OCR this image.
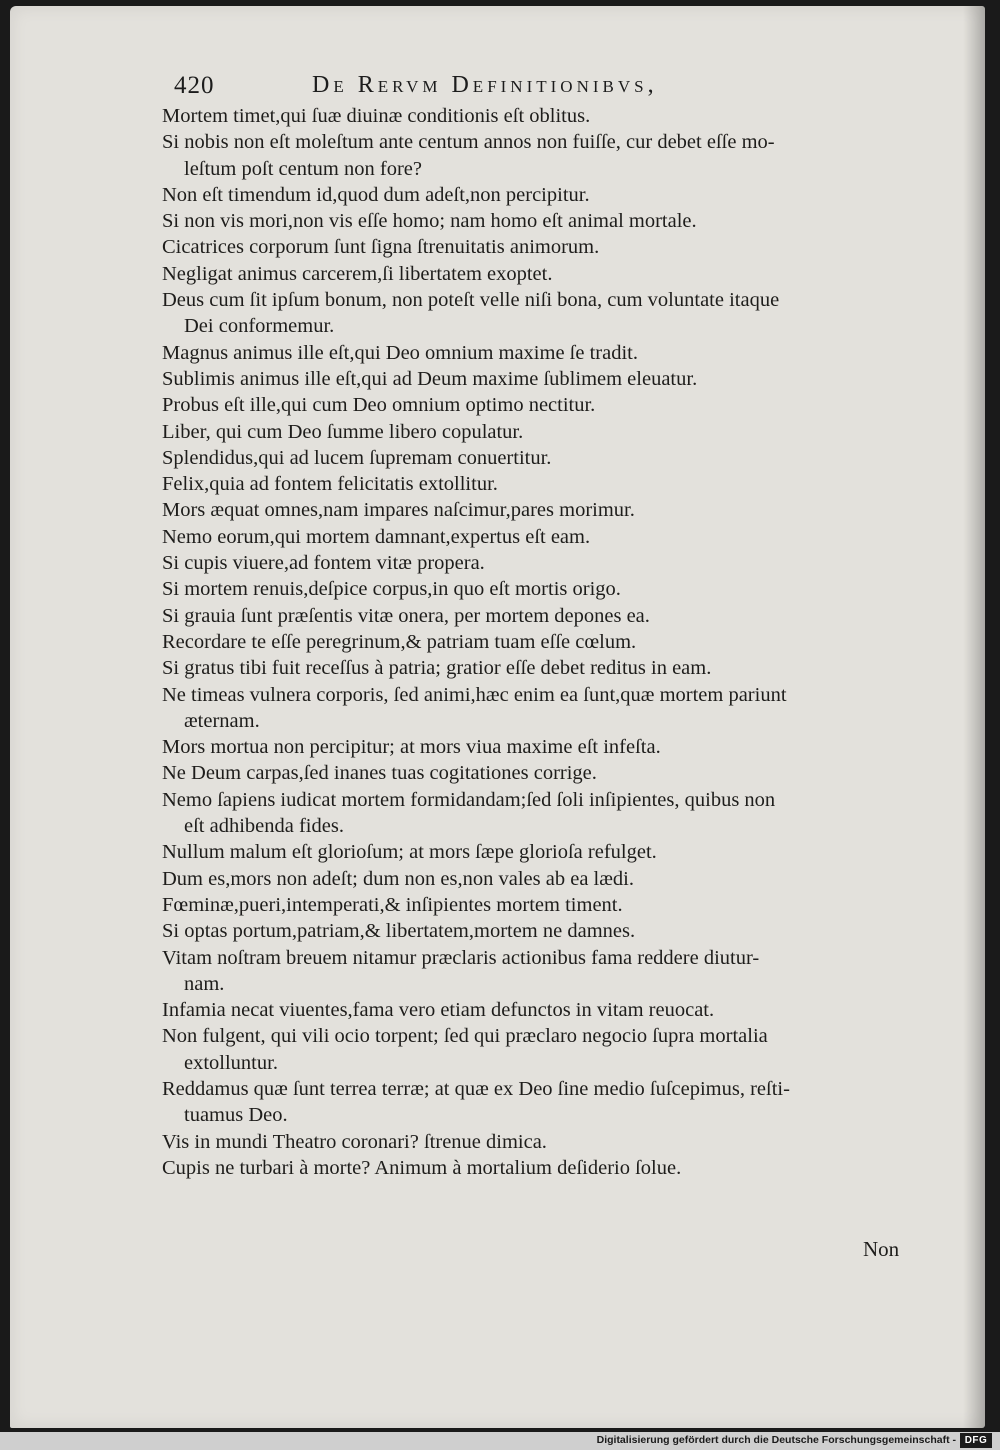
420	De Rervm Definitionibvs,

Mortem timet,qui ſuæ diuinæ conditionis eſt oblitus.

Si nobis non eſt moleſtum ante centum annos non fuiſſe, cur debet eſſe mo-
leſtum poſt centum non fore?

Non eſt timendum id,quod dum adeſt,non percipitur.

Si non vis mori,non vis eſſe homo; nam homo eſt animal mortale.

Cicatrices corporum ſunt ſigna ſtrenuitatis animorum.

Negligat animus carcerem,ſi libertatem exoptet.

Deus cum ſit ipſum bonum, non poteſt velle niſi bona, cum voluntate itaque
Dei conformemur.

Magnus animus ille eſt,qui Deo omnium maxime ſe tradit.

Sublimis animus ille eſt,qui ad Deum maxime ſublimem eleuatur.

Probus eſt ille,qui cum Deo omnium optimo nectitur.

Liber, qui cum Deo ſumme libero copulatur.

Splendidus,qui ad lucem ſupremam conuertitur.

Felix,quia ad fontem felicitatis extollitur.

Mors æquat omnes,nam impares naſcimur,pares morimur.

Nemo eorum,qui mortem damnant,expertus eſt eam.

Si cupis viuere,ad fontem vitæ propera.

Si mortem renuis,deſpice corpus,in quo eſt mortis origo.

Si grauia ſunt præſentis vitæ onera, per mortem depones ea.

Recordare te eſſe peregrinum,& patriam tuam eſſe cœlum.

Si gratus tibi fuit receſſus à patria; gratior eſſe debet reditus in eam.

Ne timeas vulnera corporis, ſed animi,hæc enim ea ſunt,quæ mortem pariunt
æternam.

Mors mortua non percipitur; at mors viua maxime eſt infeſta.

Ne Deum carpas,ſed inanes tuas cogitationes corrige.

Nemo ſapiens iudicat mortem formidandam;ſed ſoli inſipientes, quibus non
eſt adhibenda fides.

Nullum malum eſt glorioſum; at mors ſæpe glorioſa refulget.

Dum es,mors non adeſt; dum non es,non vales ab ea lædi.

Fœminæ,pueri,intemperati,& inſipientes mortem timent.

Si optas portum,patriam,& libertatem,mortem ne damnes.

Vitam noſtram breuem nitamur præclaris actionibus fama reddere diutur-
nam.

Infamia necat viuentes,fama vero etiam defunctos in vitam reuocat.

Non fulgent, qui vili ocio torpent; ſed qui præclaro negocio ſupra mortalia
extolluntur.

Reddamus quæ ſunt terrea terræ; at quæ ex Deo ſine medio ſuſcepimus, reſti-
tuamus Deo.

Vis in mundi Theatro coronari? ſtrenue dimica.

Cupis ne turbari à morte? Animum à mortalium deſiderio ſolue.

Non
Digitalisierung gefördert durch die Deutsche Forschungsgemeinschaft - DFG
